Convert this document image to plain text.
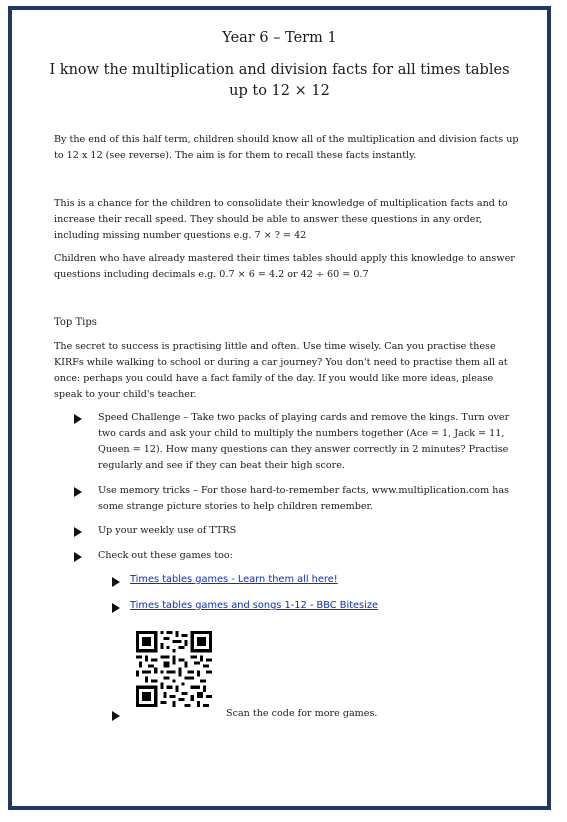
Year 6 – Term 1
I know the multiplication and division facts for all times tables
up to 12 × 12
By the end of this half term, children should know all of the multiplication and division facts up to 12 x 12 (see reverse). The aim is for them to recall these facts instantly.
This is a chance for the children to consolidate their knowledge of multiplication facts and to increase their recall speed. They should be able to answer these questions in any order, including missing number questions e.g. 7 × ? = 42
Children who have already mastered their times tables should apply this knowledge to answer questions including decimals e.g. 0.7 × 6 = 4.2 or 42 ÷ 60 = 0.7
Top Tips
The secret to success is practising little and often. Use time wisely. Can you practise these KIRFs while walking to school or during a car journey? You don't need to practise them all at once: perhaps you could have a fact family of the day. If you would like more ideas, please speak to your child's teacher.
Speed Challenge – Take two packs of playing cards and remove the kings. Turn over two cards and ask your child to multiply the numbers together (Ace = 1, Jack = 11, Queen = 12). How many questions can they answer correctly in 2 minutes? Practise regularly and see if they can beat their high score.
Use memory tricks – For those hard-to-remember facts, www.multiplication.com has some strange picture stories to help children remember.
Up your weekly use of TTRS
Check out these games too:
Times tables games - Learn them all here!
Times tables games and songs 1-12 - BBC Bitesize
Scan the code for more games.
